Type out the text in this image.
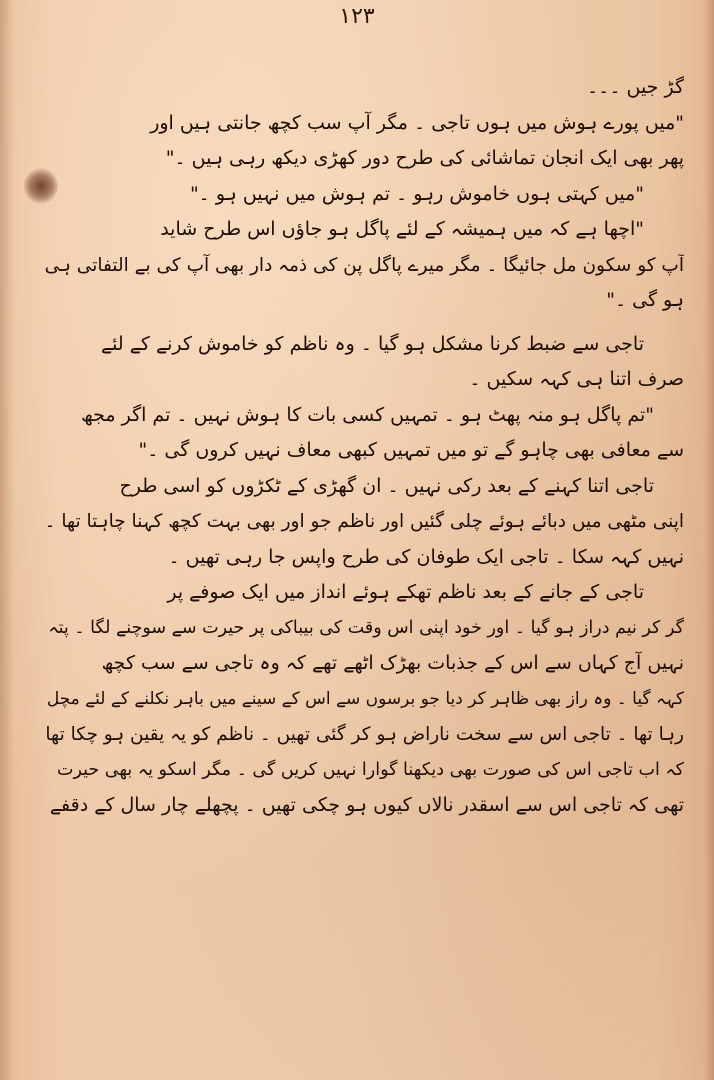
۱۲۳
گڑ جیں ۔۔۔
"میں پورے ہوش میں ہوں تاجی ۔ مگر آپ سب کچھ جانتی ہیں اور
پھر بھی ایک انجان تماشائی کی طرح دور کھڑی دیکھ رہی ہیں ۔"
"میں کہتی ہوں خاموش رہو ۔ تم ہوش میں نہیں ہو ۔"
"اچھا ہے کہ میں ہمیشہ کے لئے پاگل ہو جاؤں اس طرح شاید
آپ کو سکون مل جائیگا ۔ مگر میرے پاگل پن کی ذمہ دار بھی آپ کی بے التفاتی ہی
ہو گی ۔"
تاجی سے ضبط کرنا مشکل ہو گیا ۔ وہ ناظم کو خاموش کرنے کے لئے
صرف اتنا ہی کہہ سکیں ۔
"تم پاگل ہو منہ پھٹ ہو ۔ تمہیں کسی بات کا ہوش نہیں ۔ تم اگر مجھ
سے معافی بھی چاہو گے تو میں تمہیں کبھی معاف نہیں کروں گی ۔"
تاجی اتنا کہنے کے بعد رکی نہیں ۔ ان گھڑی کے ٹکڑوں کو اسی طرح
اپنی مٹھی میں دبائے ہوئے چلی گئیں اور ناظم جو اور بھی بہت کچھ کہنا چاہتا تھا ۔
نہیں کہہ سکا ۔ تاجی ایک طوفان کی طرح واپس جا رہی تھیں ۔
تاجی کے جانے کے بعد ناظم تھکے ہوئے انداز میں ایک صوفے پر
گر کر نیم دراز ہو گیا ۔ اور خود اپنی اس وقت کی بیباکی پر حیرت سے سوچنے لگا ۔ پتہ
نہیں آج کہاں سے اس کے جذبات بھڑک اٹھے تھے کہ وہ تاجی سے سب کچھ
کہہ گیا ۔ وہ راز بھی ظاہر کر دیا جو برسوں سے اس کے سینے میں باہر نکلنے کے لئے مچل
رہا تھا ۔ تاجی اس سے سخت ناراض ہو کر گئی تھیں ۔ ناظم کو یہ یقین ہو چکا تھا
کہ اب تاجی اس کی صورت بھی دیکھنا گوارا نہیں کریں گی ۔ مگر اسکو یہ بھی حیرت
تھی کہ تاجی اس سے اسقدر نالاں کیوں ہو چکی تھیں ۔ پچھلے چار سال کے دقفے
